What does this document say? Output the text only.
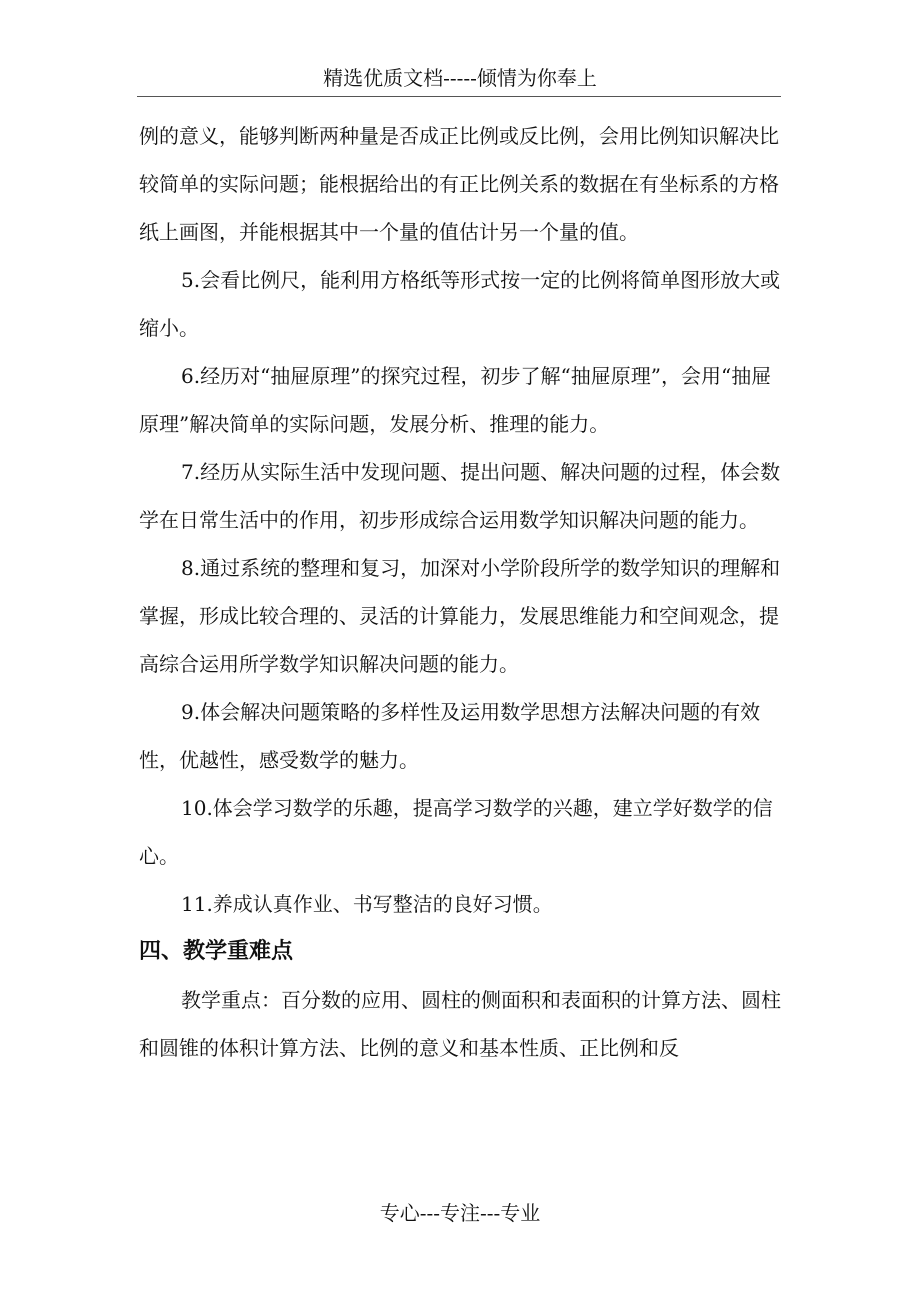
精选优质文档-----倾情为你奉上

例的意义，能够判断两种量是否成正比例或反比例，会用比例知识解决比较简单的实际问题；能根据给出的有正比例关系的数据在有坐标系的方格纸上画图，并能根据其中一个量的值估计另一个量的值。

5.会看比例尺，能利用方格纸等形式按一定的比例将简单图形放大或缩小。

6.经历对“抽屉原理”的探究过程，初步了解“抽屉原理”，会用“抽屉原理”解决简单的实际问题，发展分析、推理的能力。

7.经历从实际生活中发现问题、提出问题、解决问题的过程，体会数学在日常生活中的作用，初步形成综合运用数学知识解决问题的能力。

8.通过系统的整理和复习，加深对小学阶段所学的数学知识的理解和掌握，形成比较合理的、灵活的计算能力，发展思维能力和空间观念，提高综合运用所学数学知识解决问题的能力。

9.体会解决问题策略的多样性及运用数学思想方法解决问题的有效性，优越性，感受数学的魅力。

10.体会学习数学的乐趣，提高学习数学的兴趣，建立学好数学的信心。

11.养成认真作业、书写整洁的良好习惯。

四、教学重难点

教学重点：百分数的应用、圆柱的侧面积和表面积的计算方法、圆柱和圆锥的体积计算方法、比例的意义和基本性质、正比例和反

专心---专注---专业
